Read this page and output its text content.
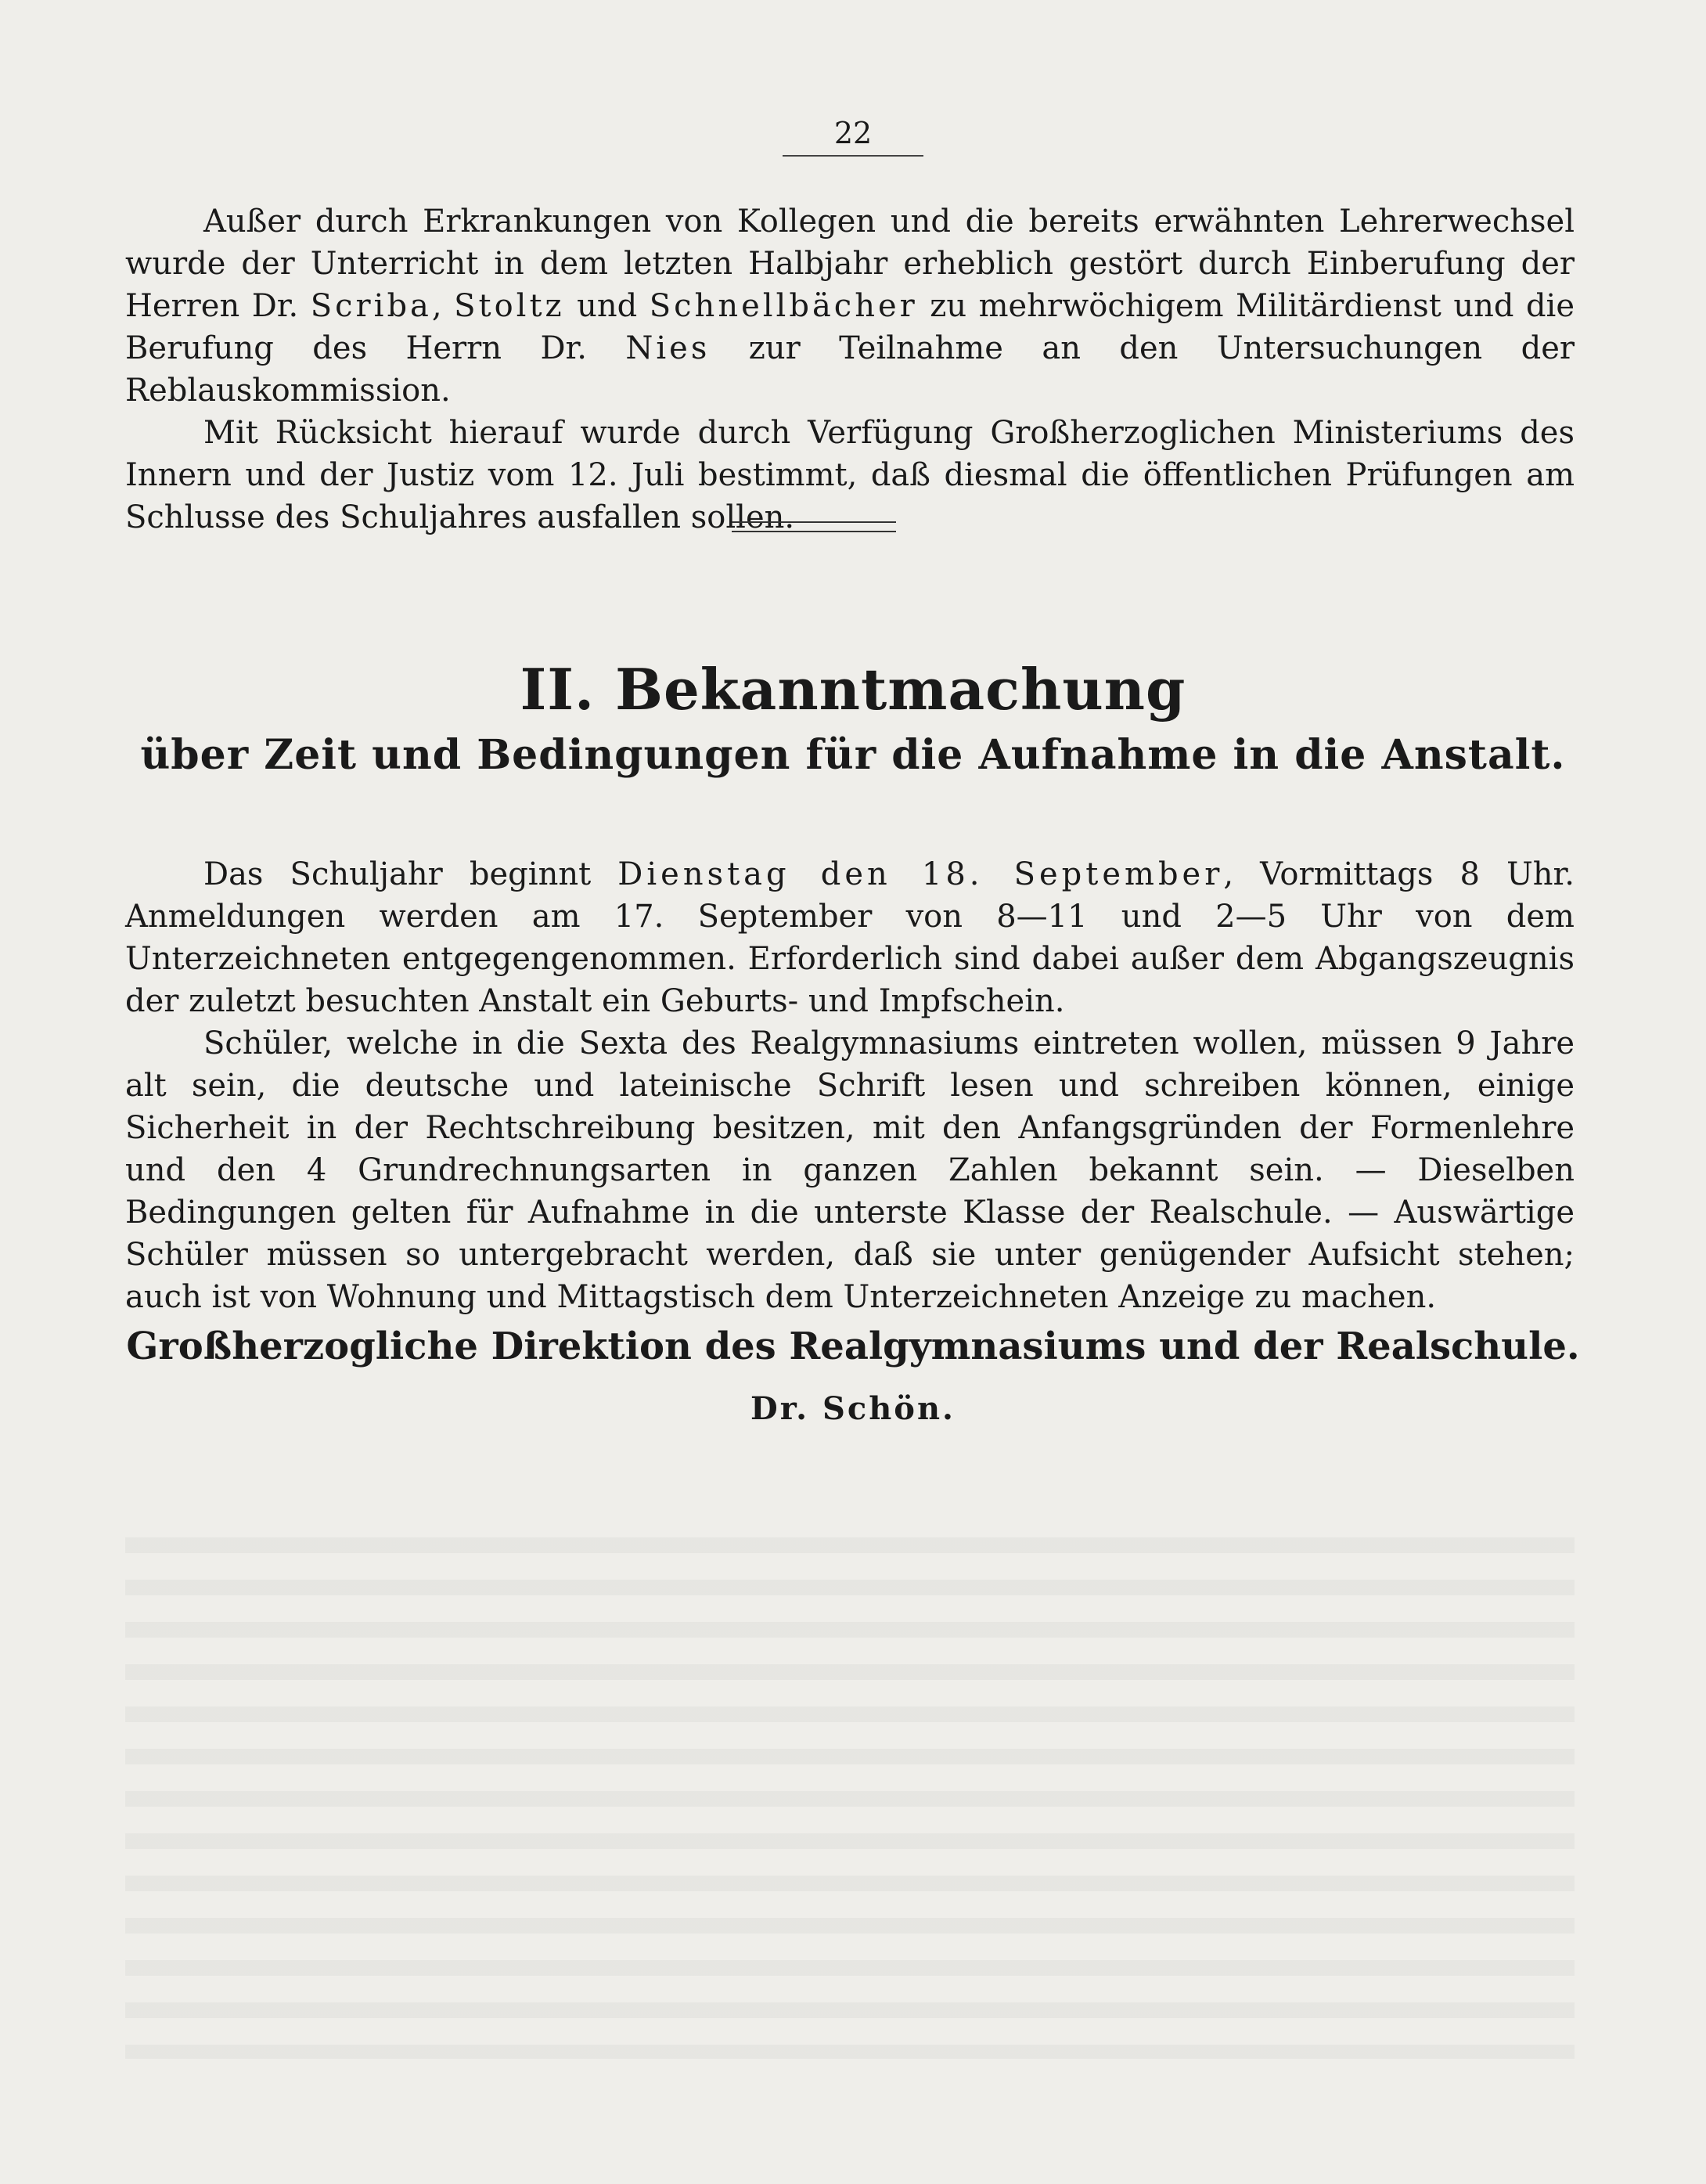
22

Außer durch Erkrankungen von Kollegen und die bereits erwähnten Lehrerwechsel wurde der Unterricht in dem letzten Halbjahr erheblich gestört durch Einberufung der Herren Dr. Scriba, Stoltz und Schnellbächer zu mehrwöchigem Militärdienst und die Berufung des Herrn Dr. Nies zur Teilnahme an den Untersuchungen der Reblauskommission.

Mit Rücksicht hierauf wurde durch Verfügung Großherzoglichen Ministeriums des Innern und der Justiz vom 12. Juli bestimmt, daß diesmal die öffentlichen Prüfungen am Schlusse des Schuljahres ausfallen sollen.

II. Bekanntmachung
über Zeit und Bedingungen für die Aufnahme in die Anstalt.

Das Schuljahr beginnt Dienstag den 18. September, Vormittags 8 Uhr. Anmeldungen werden am 17. September von 8—11 und 2—5 Uhr von dem Unterzeichneten entgegengenommen. Erforderlich sind dabei außer dem Abgangszeugnis der zuletzt besuchten Anstalt ein Geburts- und Impfschein.

Schüler, welche in die Sexta des Realgymnasiums eintreten wollen, müssen 9 Jahre alt sein, die deutsche und lateinische Schrift lesen und schreiben können, einige Sicherheit in der Rechtschreibung besitzen, mit den Anfangsgründen der Formenlehre und den 4 Grundrechnungsarten in ganzen Zahlen bekannt sein. — Dieselben Bedingungen gelten für Aufnahme in die unterste Klasse der Realschule. — Auswärtige Schüler müssen so untergebracht werden, daß sie unter genügender Aufsicht stehen; auch ist von Wohnung und Mittagstisch dem Unterzeichneten Anzeige zu machen.

Großherzogliche Direktion des Realgymnasiums und der Realschule.
Dr. Schön.
